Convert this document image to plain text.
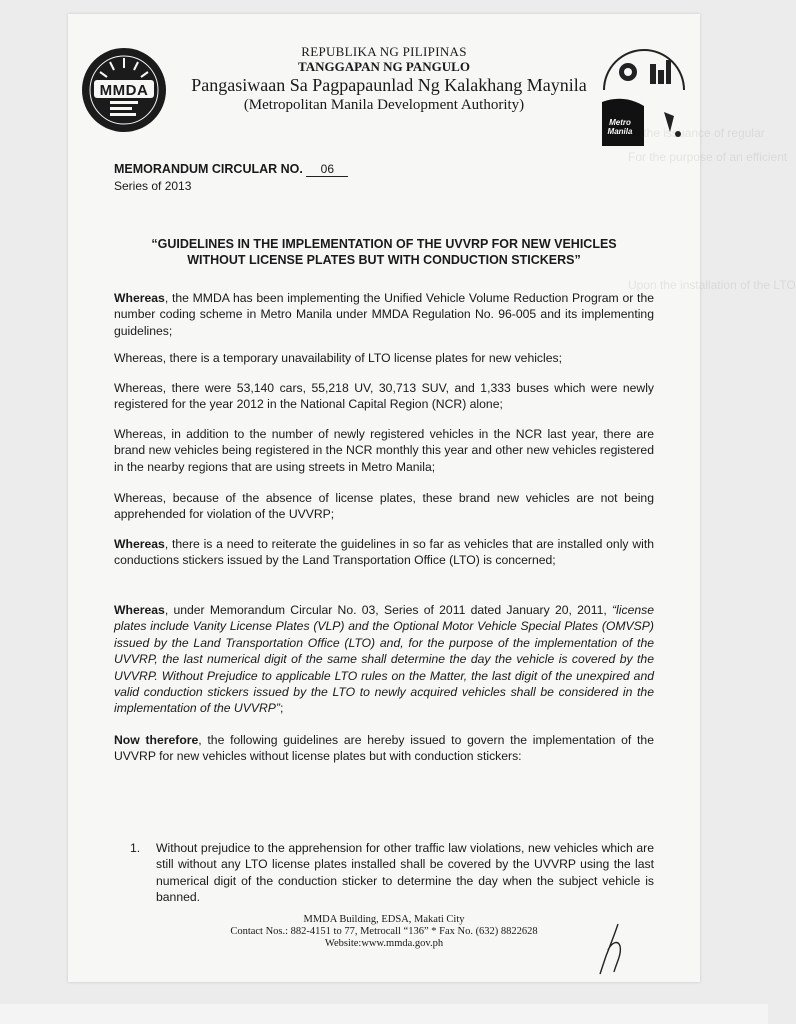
MMDA
Metro Manila
REPUBLIKA NG PILIPINAS
TANGGAPAN NG PANGULO
Pangasiwaan Sa Pagpapaunlad Ng Kalakhang Maynila
(Metropolitan Manila Development Authority)
to the issuance of regular
For the purpose of an efficient
Upon the installation of the LTO
MEMORANDUM CIRCULAR NO. 06
Series of 2013
“GUIDELINES IN THE IMPLEMENTATION OF THE UVVRP FOR NEW VEHICLES
WITHOUT LICENSE PLATES BUT WITH CONDUCTION STICKERS”

Whereas, the MMDA has been implementing the Unified Vehicle Volume Reduction Program or the number coding scheme in Metro Manila under MMDA Regulation No. 96-005 and its implementing guidelines;

Whereas, there is a temporary unavailability of LTO license plates for new vehicles;

Whereas, there were 53,140 cars, 55,218 UV, 30,713 SUV, and 1,333 buses which were newly registered for the year 2012 in the National Capital Region (NCR) alone;

Whereas, in addition to the number of newly registered vehicles in the NCR last year, there are brand new vehicles being registered in the NCR monthly this year and other new vehicles registered in the nearby regions that are using streets in Metro Manila;

Whereas, because of the absence of license plates, these brand new vehicles are not being apprehended for violation of the UVVRP;

Whereas, there is a need to reiterate the guidelines in so far as vehicles that are installed only with conductions stickers issued by the Land Transportation Office (LTO) is concerned;

Whereas, under Memorandum Circular No. 03, Series of 2011 dated January 20, 2011, “license plates include Vanity License Plates (VLP) and the Optional Motor Vehicle Special Plates (OMVSP) issued by the Land Transportation Office (LTO) and, for the purpose of the implementation of the UVVRP, the last numerical digit of the same shall determine the day the vehicle is covered by the UVVRP. Without Prejudice to applicable LTO rules on the Matter, the last digit of the unexpired and valid conduction stickers issued by the LTO to newly acquired vehicles shall be considered in the implementation of the UVVRP”;

Now therefore, the following guidelines are hereby issued to govern the implementation of the UVVRP for new vehicles without license plates but with conduction stickers:

1. Without prejudice to the apprehension for other traffic law violations, new vehicles which are still without any LTO license plates installed shall be covered by the UVVRP using the last numerical digit of the conduction sticker to determine the day when the subject vehicle is banned.
MMDA Building, EDSA, Makati City
Contact Nos.: 882-4151 to 77, Metrocall “136” * Fax No. (632) 8822628
Website:www.mmda.gov.ph
